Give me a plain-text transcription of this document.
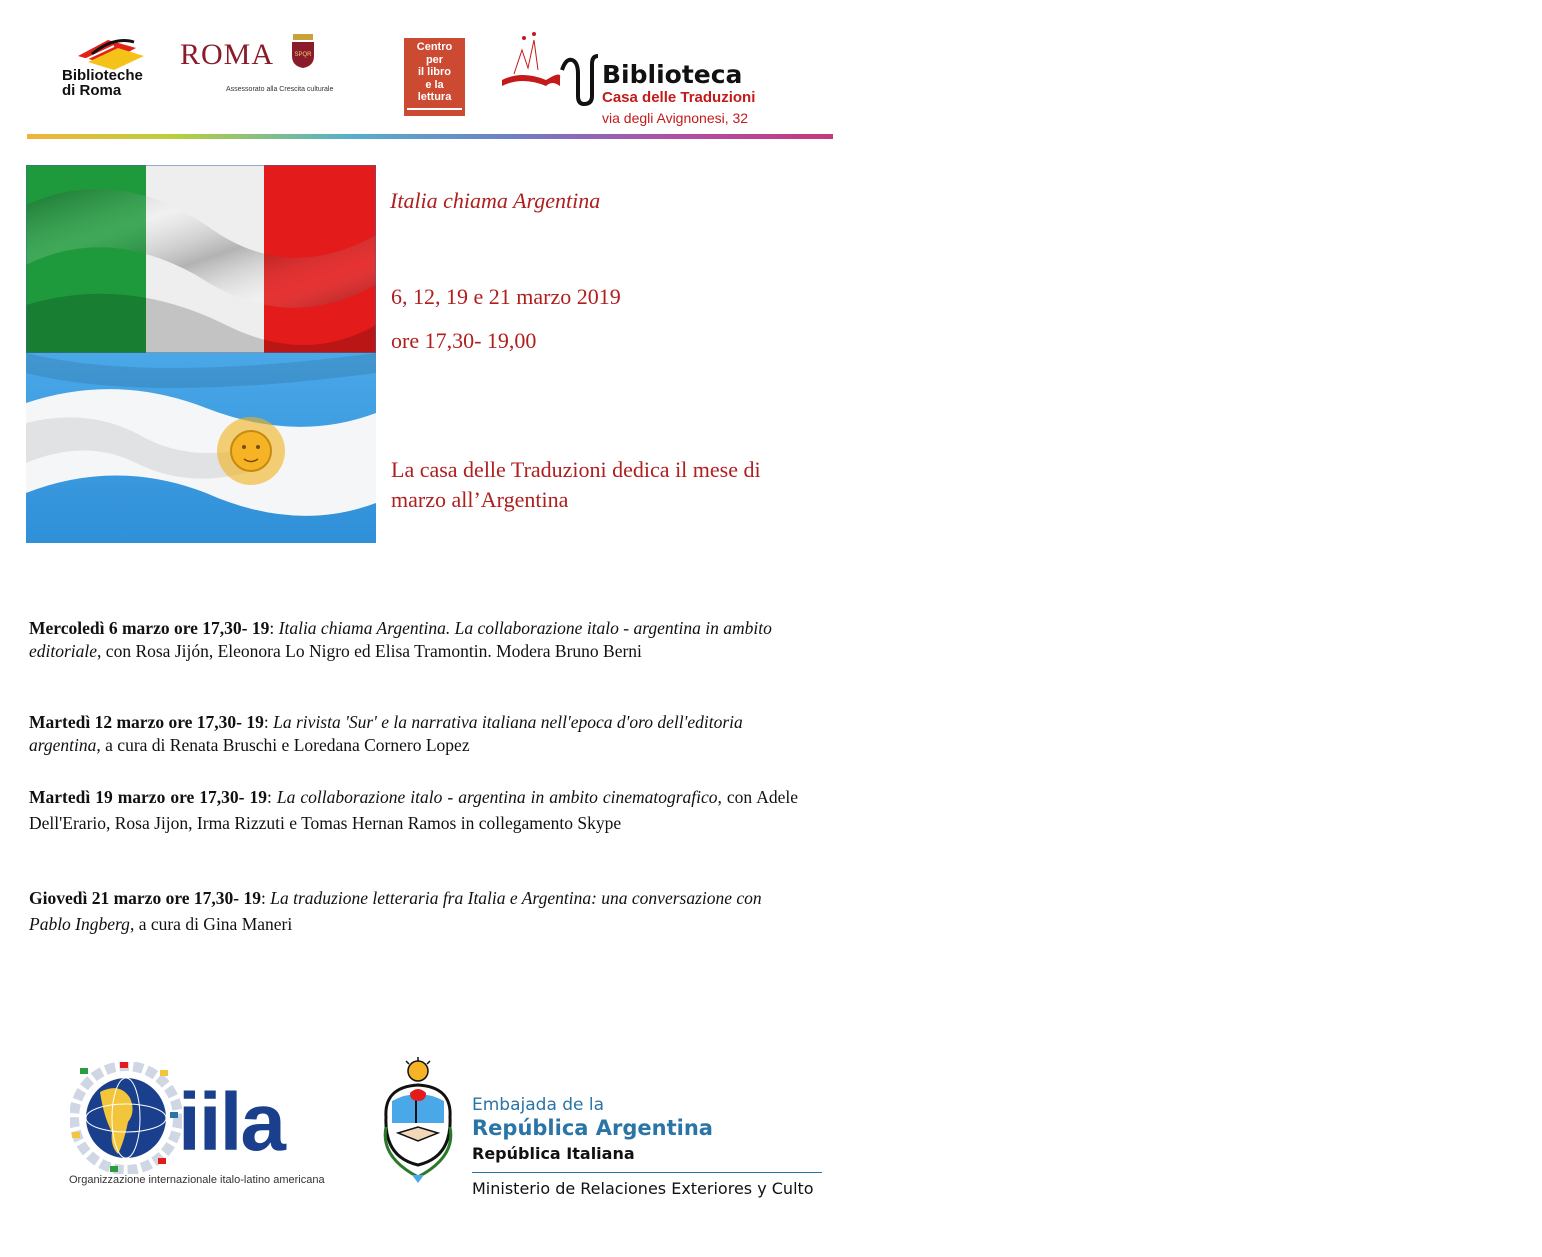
Biblioteche
di Roma
ROMA	SPQR
Assessorato alla Crescita culturale
Centro
per
il libro
e la
lettura
Biblioteca
Casa delle Traduzioni
via degli Avignonesi, 32
Italia chiama Argentina
6, 12, 19 e 21 marzo 2019
ore 17,30- 19,00
La casa delle Traduzioni dedica il mese di marzo all’Argentina
Mercoledì 6 marzo ore 17,30- 19: Italia chiama Argentina. La collaborazione italo - argentina in ambito editoriale, con Rosa Jijón, Eleonora Lo Nigro ed Elisa Tramontin. Modera Bruno Berni
Martedì 12 marzo ore 17,30- 19: La rivista 'Sur' e la narrativa italiana nell'epoca d'oro dell'editoria argentina, a cura di Renata Bruschi e Loredana Cornero Lopez
Martedì 19 marzo ore 17,30- 19: La collaborazione italo - argentina in ambito cinematografico, con Adele Dell'Erario, Rosa Jijon, Irma Rizzuti e Tomas Hernan Ramos in collegamento Skype
Giovedì 21 marzo ore 17,30- 19: La traduzione letteraria fra Italia e Argentina: una conversazione con Pablo Ingberg, a cura di Gina Maneri
iila
Organizzazione internazionale italo-latino americana
Embajada de la
República Argentina
República Italiana
Ministerio de Relaciones Exteriores y Culto
